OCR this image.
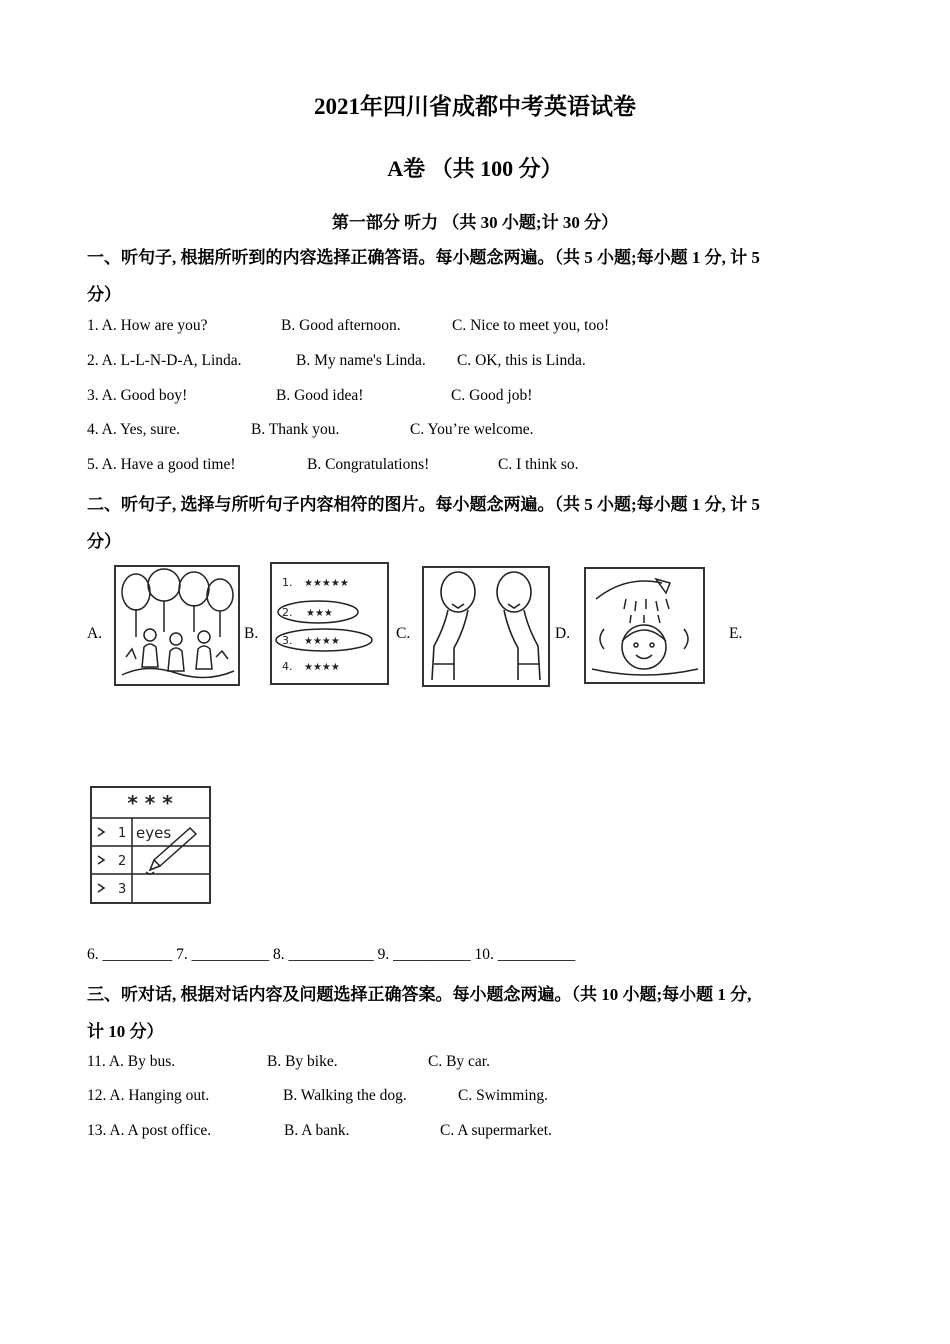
2021年四川省成都中考英语试卷
A卷 （共 100 分）
第一部分 听力 （共 30 小题;计 30 分）
一、听句子, 根据所听到的内容选择正确答语。每小题念两遍。（共 5 小题;每小题 1 分, 计 5
分）
1. A. How are you?	B. Good afternoon.	C. Nice to meet you, too!
2. A. L-L-N-D-A, Linda.	B. My name's Linda. C. OK, this is Linda.
3. A. Good boy!	B. Good idea!	C. Good job!
4. A. Yes, sure.	B. Thank you.	C. You’re welcome.
5. A. Have a good time!	B. Congratulations!	C. I think so.
二、听句子, 选择与所听句子内容相符的图片。每小题念两遍。（共 5 小题;每小题 1 分, 计 5
分）
A.	B.	C.	D.	E.
1. ★★★★★
2. ★★★
3. ★★★★
4. ★★★★
* * *
1
2
3
eyes
6. _________ 7. __________ 8. ___________ 9. __________ 10. __________
三、听对话, 根据对话内容及问题选择正确答案。每小题念两遍。（共 10 小题;每小题 1 分,
计 10 分）
11. A. By bus.	B. By bike.	C. By car.
12. A. Hanging out.	B. Walking the dog.	C. Swimming.
13. A. A post office.	B. A bank.	C. A supermarket.
